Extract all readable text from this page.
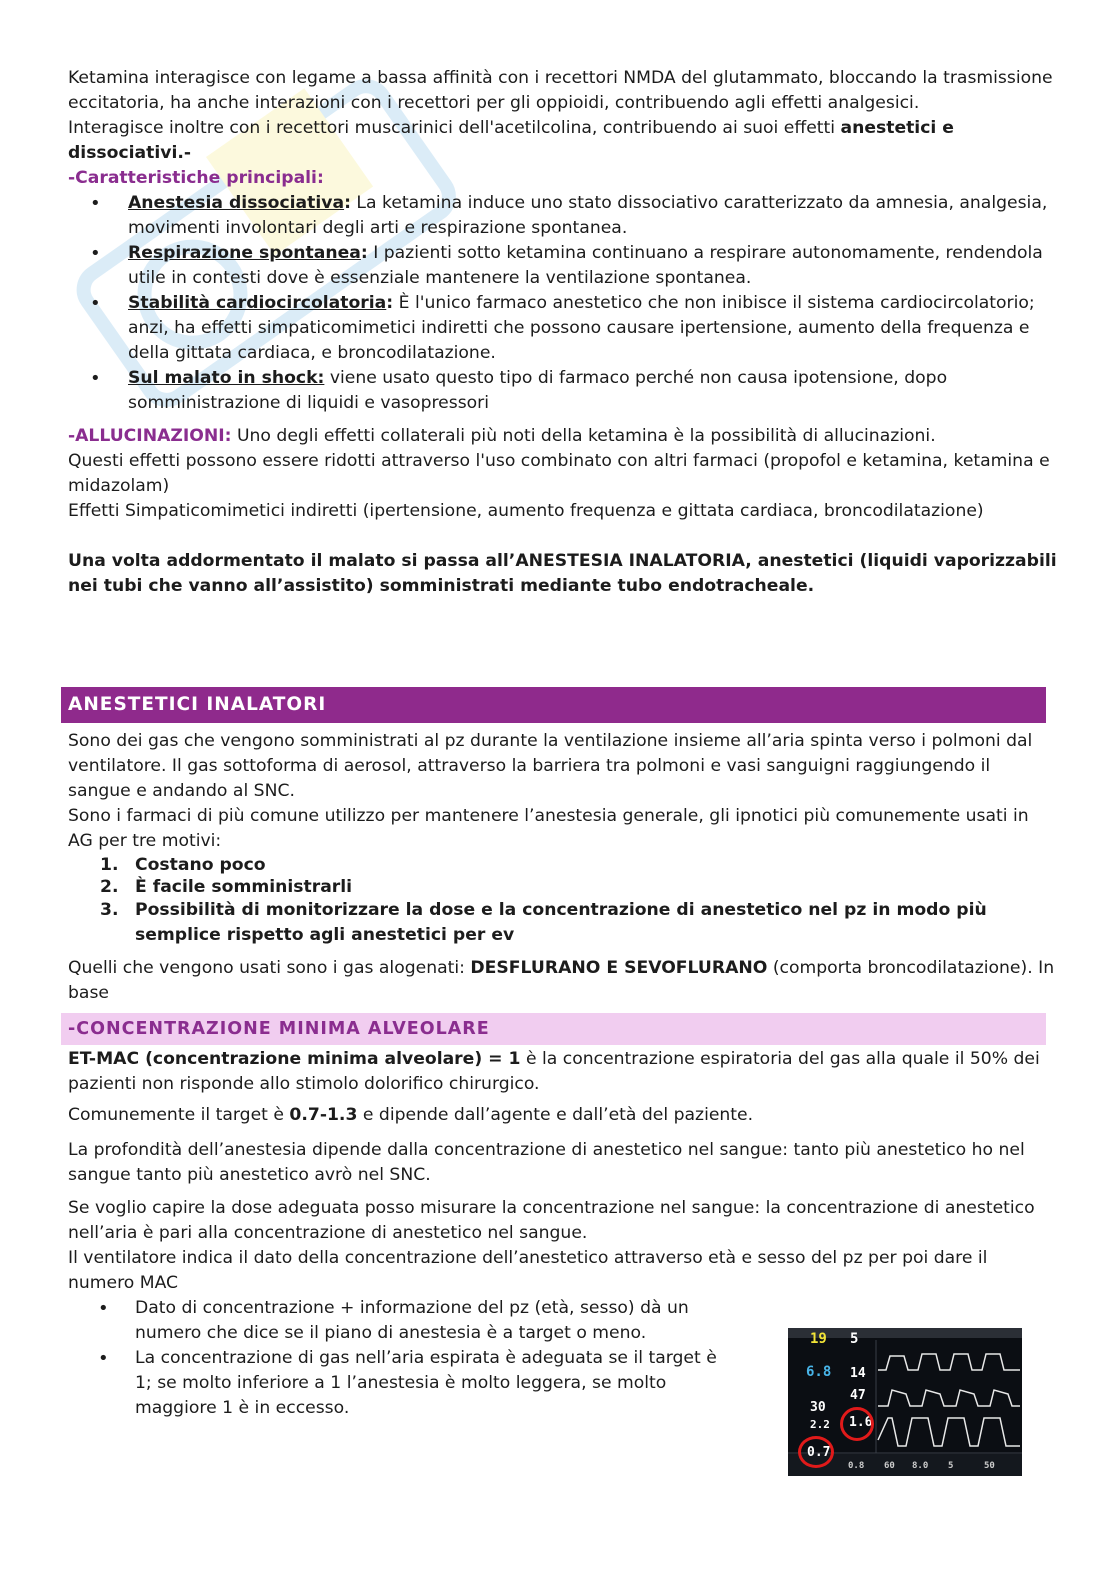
Ketamina interagisce con legame a bassa affinità con i recettori NMDA del glutammato, bloccando la trasmissione eccitatoria, ha anche interazioni con i recettori per gli oppioidi, contribuendo agli effetti analgesici.

Interagisce inoltre con i recettori muscarinici dell'acetilcolina, contribuendo ai suoi effetti anestetici e dissociativi.-

-Caratteristiche principali:

• Anestesia dissociativa: La ketamina induce uno stato dissociativo caratterizzato da amnesia, analgesia, movimenti involontari degli arti e respirazione spontanea.
• Respirazione spontanea: I pazienti sotto ketamina continuano a respirare autonomamente, rendendola utile in contesti dove è essenziale mantenere la ventilazione spontanea.
• Stabilità cardiocircolatoria: È l'unico farmaco anestetico che non inibisce il sistema cardiocircolatorio; anzi, ha effetti simpaticomimetici indiretti che possono causare ipertensione, aumento della frequenza e della gittata cardiaca, e broncodilatazione.
• Sul malato in shock: viene usato questo tipo di farmaco perché non causa ipotensione, dopo somministrazione di liquidi e vasopressori

-ALLUCINAZIONI: Uno degli effetti collaterali più noti della ketamina è la possibilità di allucinazioni.

Questi effetti possono essere ridotti attraverso l'uso combinato con altri farmaci (propofol e ketamina, ketamina e midazolam)

Effetti Simpaticomimetici indiretti (ipertensione, aumento frequenza e gittata cardiaca, broncodilatazione)

Una volta addormentato il malato si passa all’ANESTESIA INALATORIA, anestetici (liquidi vaporizzabili nei tubi che vanno all’assistito) somministrati mediante tubo endotracheale.

ANESTETICI INALATORI

Sono dei gas che vengono somministrati al pz durante la ventilazione insieme all’aria spinta verso i polmoni dal ventilatore. Il gas sottoforma di aerosol, attraverso la barriera tra polmoni e vasi sanguigni raggiungendo il sangue e andando al SNC.

Sono i farmaci di più comune utilizzo per mantenere l’anestesia generale, gli ipnotici più comunemente usati in AG per tre motivi:

1. Costano poco
2. È facile somministrarli
3. Possibilità di monitorizzare la dose e la concentrazione di anestetico nel pz in modo più semplice rispetto agli anestetici per ev

Quelli che vengono usati sono i gas alogenati: DESFLURANO E SEVOFLURANO (comporta broncodilatazione). In base

-CONCENTRAZIONE MINIMA ALVEOLARE

ET-MAC (concentrazione minima alveolare) = 1 è la concentrazione espiratoria del gas alla quale il 50% dei pazienti non risponde allo stimolo dolorifico chirurgico.

Comunemente il target è 0.7-1.3 e dipende dall’agente e dall’età del paziente.

La profondità dell’anestesia dipende dalla concentrazione di anestetico nel sangue: tanto più anestetico ho nel sangue tanto più anestetico avrò nel SNC.

Se voglio capire la dose adeguata posso misurare la concentrazione nel sangue: la concentrazione di anestetico nell’aria è pari alla concentrazione di anestetico nel sangue.

Il ventilatore indica il dato della concentrazione dell’anestetico attraverso età e sesso del pz per poi dare il numero MAC

• Dato di concentrazione + informazione del pz (età, sesso) dà un numero che dice se il piano di anestesia è a target o meno.
• La concentrazione di gas nell’aria espirata è adeguata se il target è 1; se molto inferiore a 1 l’anestesia è molto leggera, se molto maggiore 1 è in eccesso.
19 5
6.8 14
47
30
2.2 1.6
0.7
0.8 60 8.0 5	50
